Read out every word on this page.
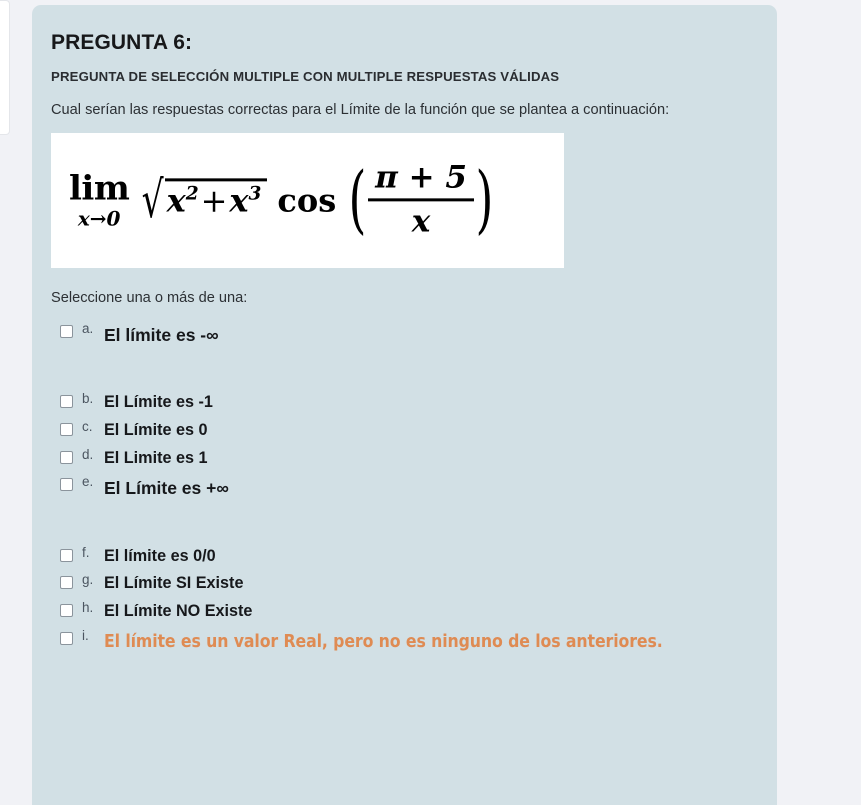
PREGUNTA 6:
PREGUNTA DE SELECCIÓN MULTIPLE CON MULTIPLE RESPUESTAS VÁLIDAS
Cual serían las respuestas correctas para el Límite de la función que se plantea a continuación:
lim
x→0 √ $x^2+x^3$ cos ( $\frac{\pi + 5}{x}$ )
Seleccione una o más de una:
a. El límite es -∞
b. El Límite es -1
c. El Límite es 0
d. El Limite es 1
e. El Límite es +∞
f. El límite es 0/0
g. El Límite SI Existe
h. El Límite NO Existe
i. El límite es un valor Real, pero no es ninguno de los anteriores.
